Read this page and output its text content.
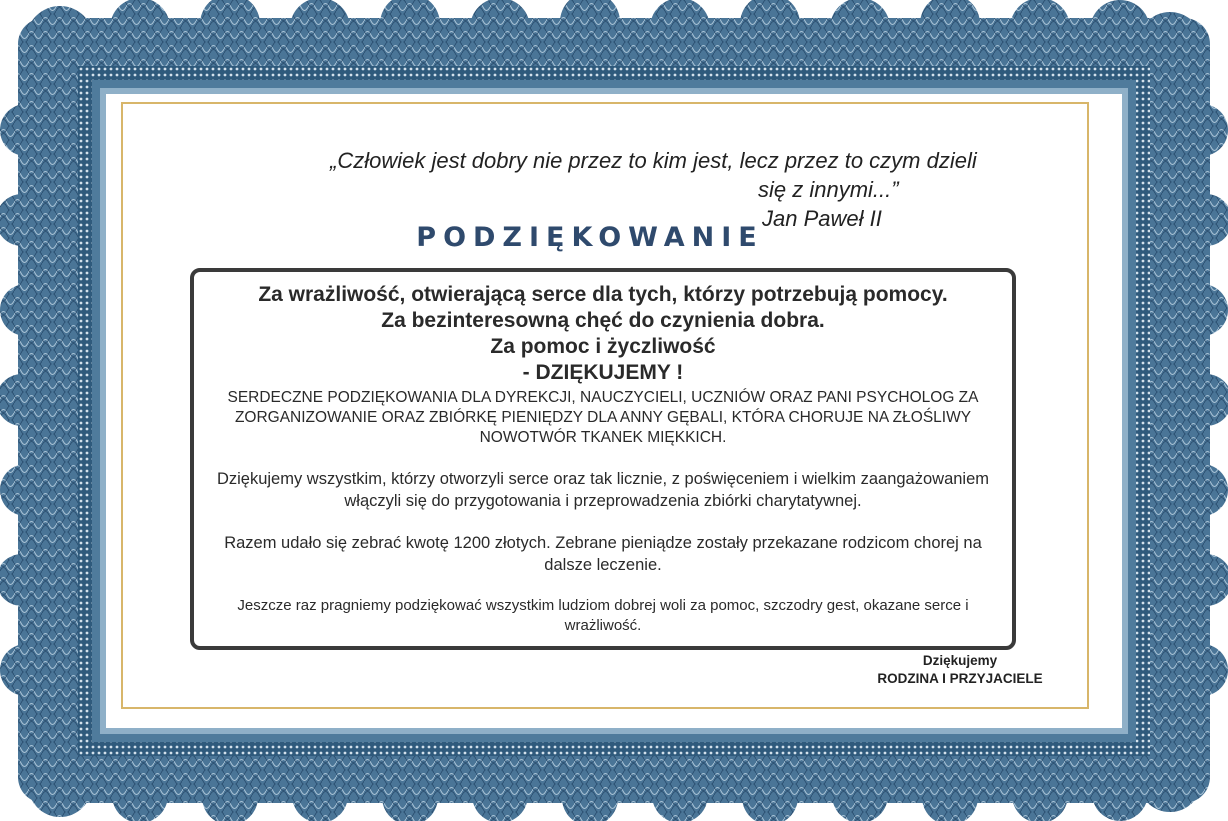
„Człowiek jest dobry nie przez to kim jest, lecz przez to czym dzieli
się z innymi...”
Jan Paweł II
PODZIĘKOWANIE
Za wrażliwość, otwierającą serce dla tych, którzy potrzebują pomocy.
Za bezinteresowną chęć do czynienia dobra.
Za pomoc i życzliwość
- DZIĘKUJEMY !
SERDECZNE PODZIĘKOWANIA DLA DYREKCJI, NAUCZYCIELI, UCZNIÓW ORAZ PANI PSYCHOLOG ZA ZORGANIZOWANIE ORAZ ZBIÓRKĘ PIENIĘDZY DLA ANNY GĘBALI, KTÓRA CHORUJE NA ZŁOŚLIWY NOWOTWÓR TKANEK MIĘKKICH.
Dziękujemy wszystkim, którzy otworzyli serce oraz tak licznie, z poświęceniem i wielkim zaangażowaniem włączyli się do przygotowania i przeprowadzenia zbiórki charytatywnej.
Razem udało się zebrać kwotę 1200 złotych. Zebrane pieniądze zostały przekazane rodzicom chorej na dalsze leczenie.
Jeszcze raz pragniemy podziękować wszystkim ludziom dobrej woli za pomoc, szczodry gest, okazane serce i wrażliwość.
Dziękujemy
RODZINA I PRZYJACIELE
